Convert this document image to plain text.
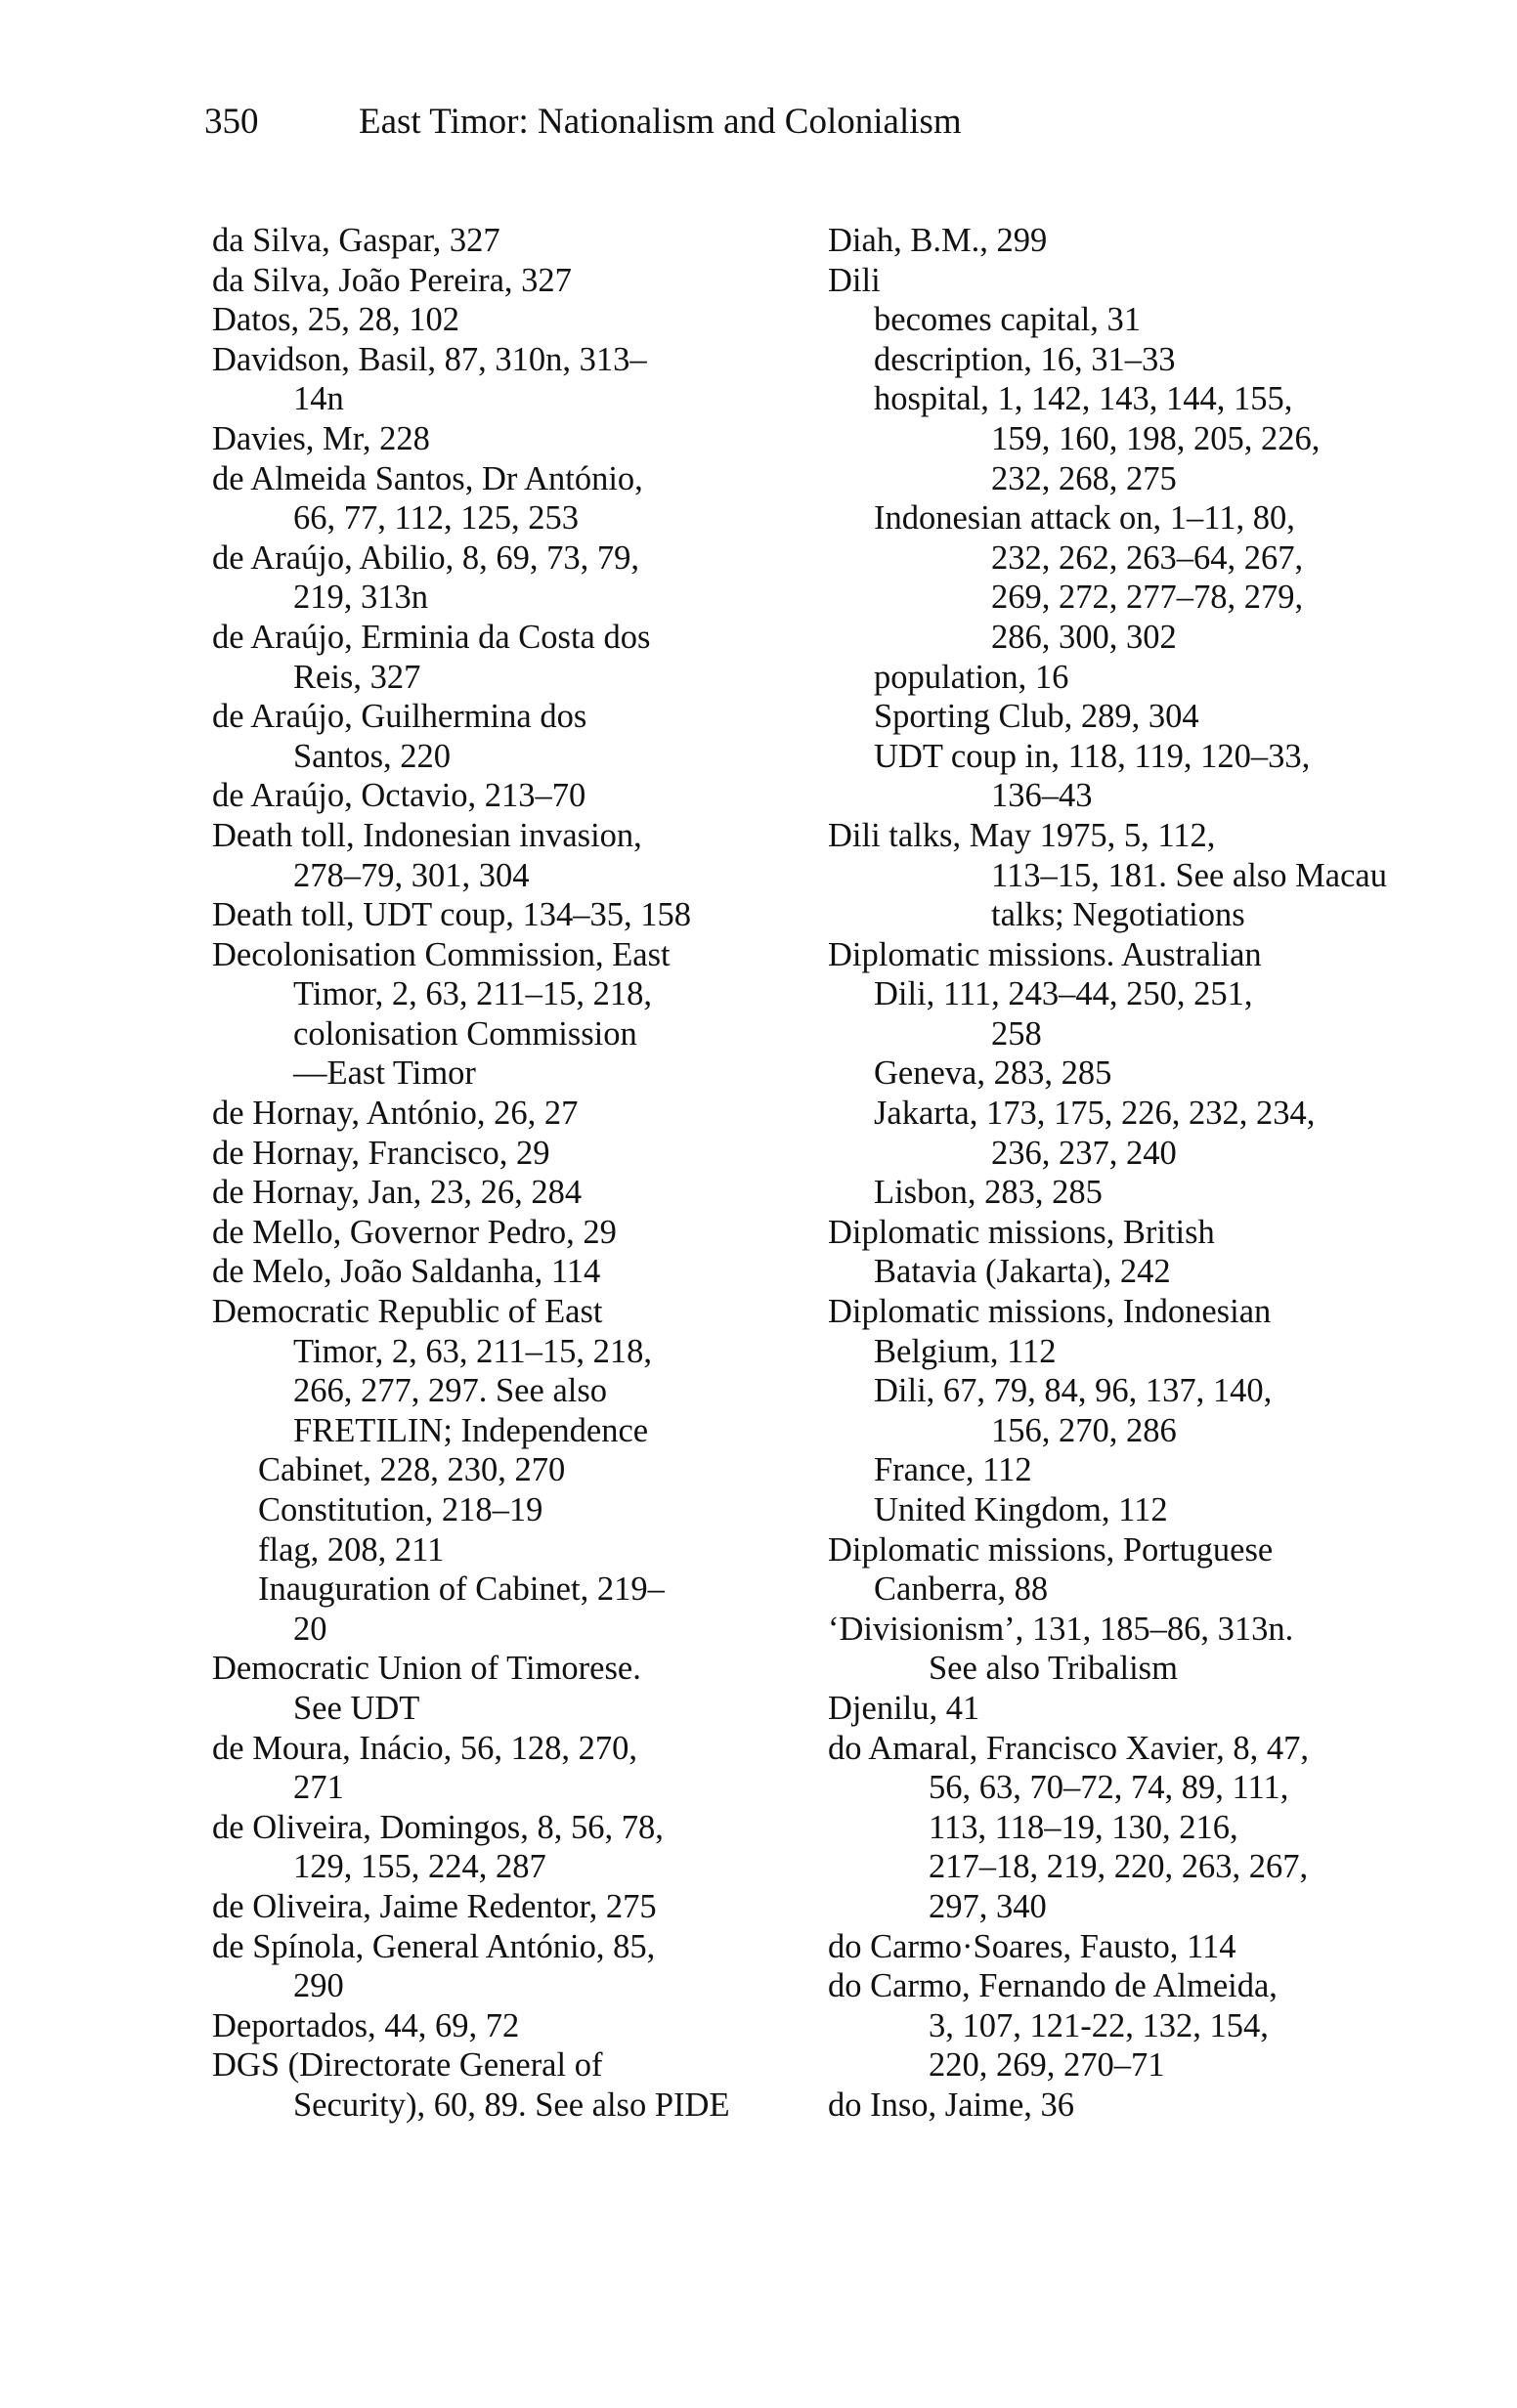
350	East Timor: Nationalism and Colonialism
da Silva, Gaspar, 327
da Silva, João Pereira, 327
Datos, 25, 28, 102
Davidson, Basil, 87, 310n, 313–
14n
Davies, Mr, 228
de Almeida Santos, Dr António,
66, 77, 112, 125, 253
de Araújo, Abilio, 8, 69, 73, 79,
219, 313n
de Araújo, Erminia da Costa dos
Reis, 327
de Araújo, Guilhermina dos
Santos, 220
de Araújo, Octavio, 213–70
Death toll, Indonesian invasion,
278–79, 301, 304
Death toll, UDT coup, 134–35, 158
Decolonisation Commission, East
Timor, 2, 63, 211–15, 218,
colonisation Commission
—East Timor
de Hornay, António, 26, 27
de Hornay, Francisco, 29
de Hornay, Jan, 23, 26, 284
de Mello, Governor Pedro, 29
de Melo, João Saldanha, 114
Democratic Republic of East
Timor, 2, 63, 211–15, 218,
266, 277, 297. See also
FRETILIN; Independence
Cabinet, 228, 230, 270
Constitution, 218–19
flag, 208, 211
Inauguration of Cabinet, 219–
20
Democratic Union of Timorese.
See UDT
de Moura, Inácio, 56, 128, 270,
271
de Oliveira, Domingos, 8, 56, 78,
129, 155, 224, 287
de Oliveira, Jaime Redentor, 275
de Spínola, General António, 85,
290
Deportados, 44, 69, 72
DGS (Directorate General of
Security), 60, 89. See also PIDE
Diah, B.M., 299
Dili
becomes capital, 31
description, 16, 31–33
hospital, 1, 142, 143, 144, 155,
159, 160, 198, 205, 226,
232, 268, 275
Indonesian attack on, 1–11, 80,
232, 262, 263–64, 267,
269, 272, 277–78, 279,
286, 300, 302
population, 16
Sporting Club, 289, 304
UDT coup in, 118, 119, 120–33,
136–43
Dili talks, May 1975, 5, 112,
113–15, 181. See also Macau
talks; Negotiations
Diplomatic missions. Australian
Dili, 111, 243–44, 250, 251,
258
Geneva, 283, 285
Jakarta, 173, 175, 226, 232, 234,
236, 237, 240
Lisbon, 283, 285
Diplomatic missions, British
Batavia (Jakarta), 242
Diplomatic missions, Indonesian
Belgium, 112
Dili, 67, 79, 84, 96, 137, 140,
156, 270, 286
France, 112
United Kingdom, 112
Diplomatic missions, Portuguese
Canberra, 88
‘Divisionism’, 131, 185–86, 313n.
See also Tribalism
Djenilu, 41
do Amaral, Francisco Xavier, 8, 47,
56, 63, 70–72, 74, 89, 111,
113, 118–19, 130, 216,
217–18, 219, 220, 263, 267,
297, 340
do Carmo·Soares, Fausto, 114
do Carmo, Fernando de Almeida,
3, 107, 121-22, 132, 154,
220, 269, 270–71
do Inso, Jaime, 36
